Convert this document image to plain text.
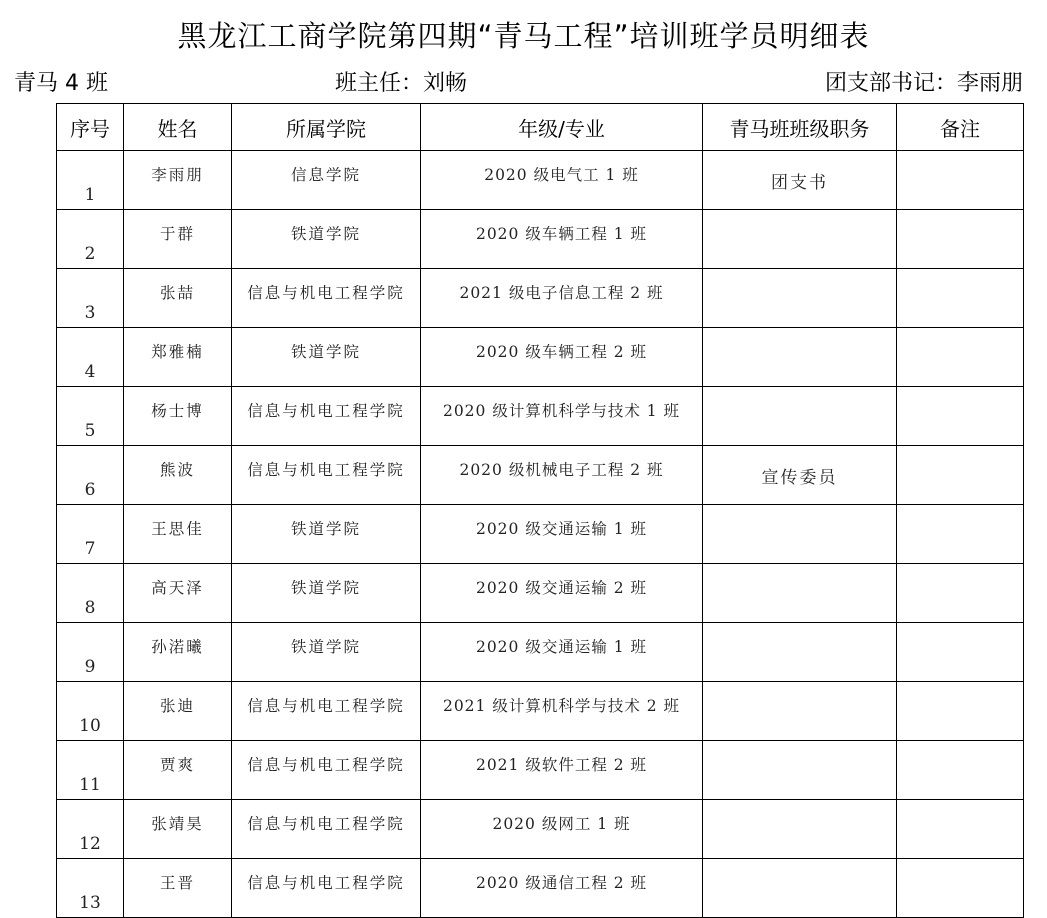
黑龙江工商学院第四期“青马工程”培训班学员明细表
青马 4 班	班主任：刘畅	团支部书记：李雨朋
序号	姓名	所属学院	年级/专业	青马班班级职务	备注
1	李雨朋	信息学院	2020 级电气工 1 班	团支书	
2	于群	铁道学院	2020 级车辆工程 1 班		
3	张喆	信息与机电工程学院	2021 级电子信息工程 2 班		
4	郑雅楠	铁道学院	2020 级车辆工程 2 班		
5	杨士博	信息与机电工程学院	2020 级计算机科学与技术 1 班		
6	熊波	信息与机电工程学院	2020 级机械电子工程 2 班	宣传委员	
7	王思佳	铁道学院	2020 级交通运输 1 班		
8	高天泽	铁道学院	2020 级交通运输 2 班		
9	孙渃曦	铁道学院	2020 级交通运输 1 班		
10	张迪	信息与机电工程学院	2021 级计算机科学与技术 2 班		
11	贾爽	信息与机电工程学院	2021 级软件工程 2 班		
12	张靖昊	信息与机电工程学院	2020 级网工 1 班		
13	王晋	信息与机电工程学院	2020 级通信工程 2 班		
